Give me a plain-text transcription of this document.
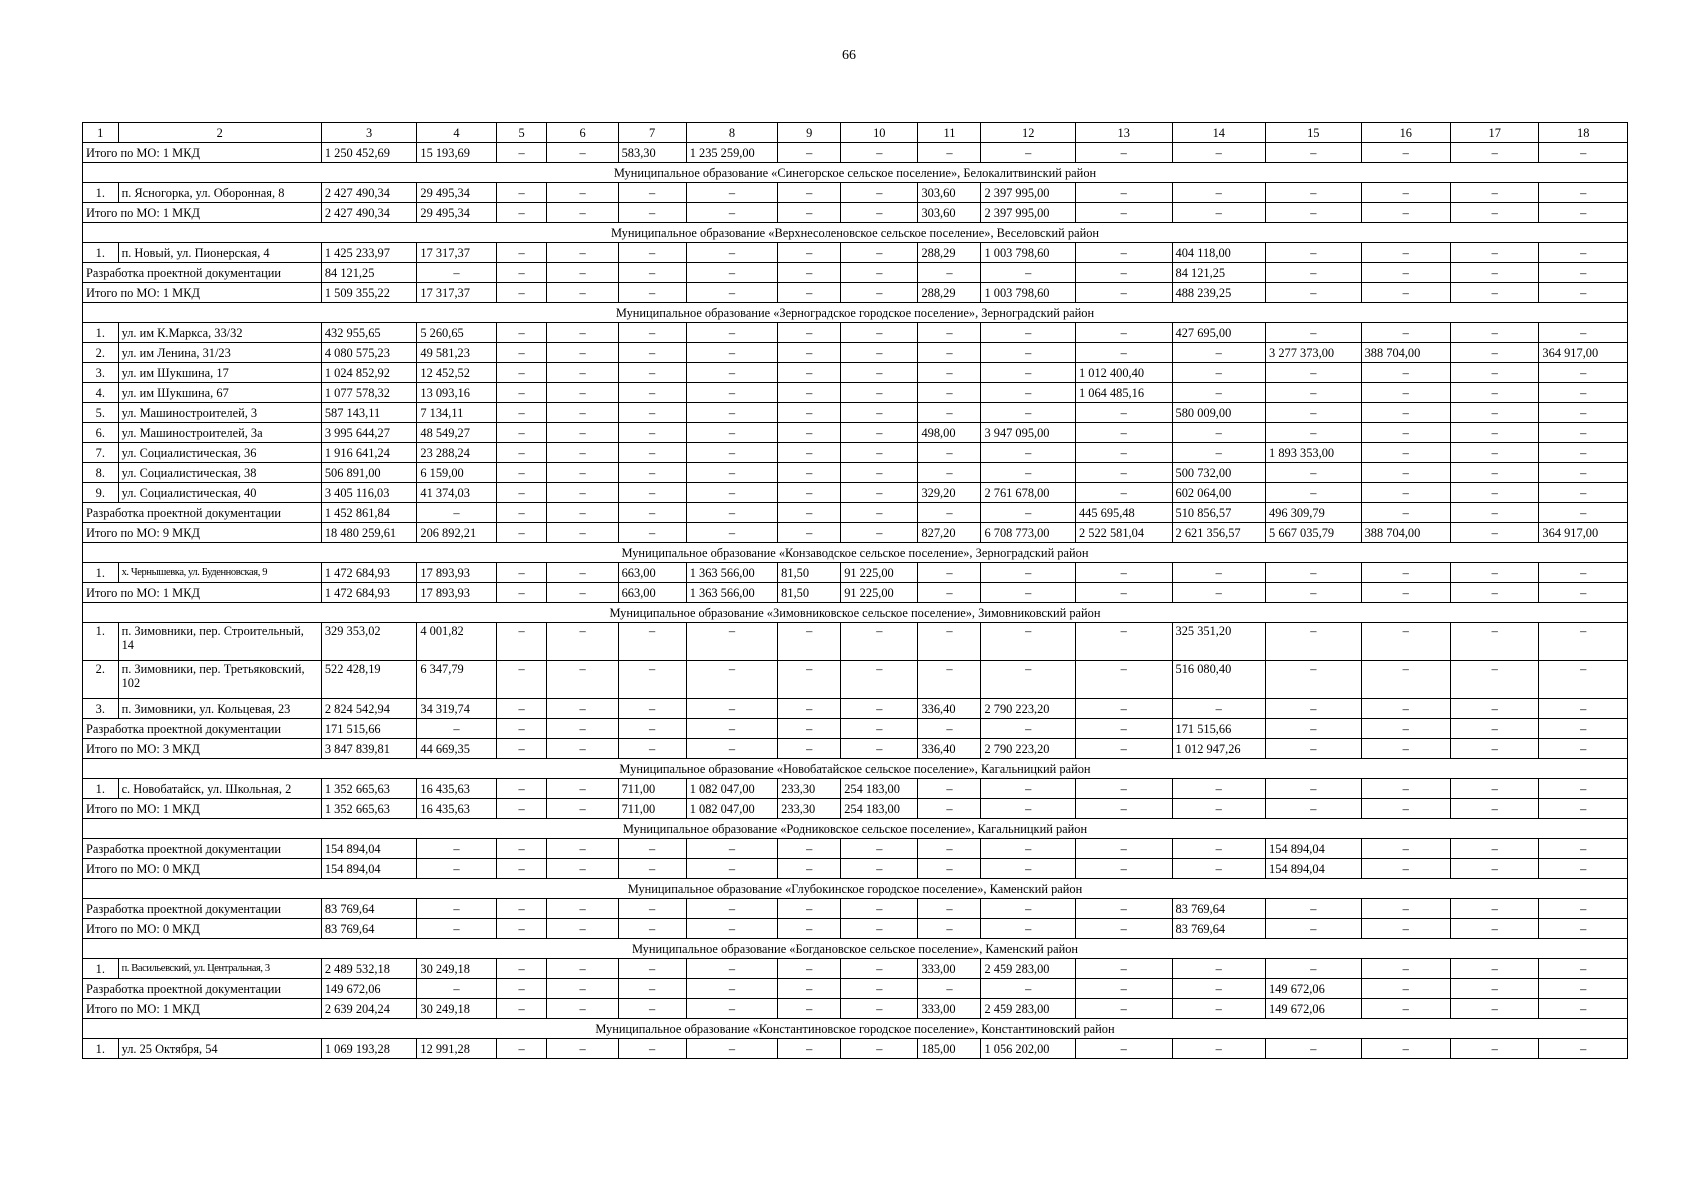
66
1	2	3	4	5	6	7	8	9	10	11	12	13	14	15	16	17	18
Итого по МО: 1 МКД		1 250 452,69	15 193,69	–	–	583,30	1 235 259,00	–	–	–	–	–	–	–	–	–	–
Муниципальное образование «Синегорское сельское поселение», Белокалитвинский район																	
1.	п. Ясногорка, ул. Оборонная, 8	2 427 490,34	29 495,34	–	–	–	–	–	–	303,60	2 397 995,00	–	–	–	–	–	–
Итого по МО: 1 МКД		2 427 490,34	29 495,34	–	–	–	–	–	–	303,60	2 397 995,00	–	–	–	–	–	–
Муниципальное образование «Верхнесоленовское сельское поселение», Веселовский район																	
1.	п. Новый, ул. Пионерская, 4	1 425 233,97	17 317,37	–	–	–	–	–	–	288,29	1 003 798,60	–	404 118,00	–	–	–	–
Разработка проектной документации		84 121,25	–	–	–	–	–	–	–	–	–	–	84 121,25	–	–	–	–
Итого по МО: 1 МКД		1 509 355,22	17 317,37	–	–	–	–	–	–	288,29	1 003 798,60	–	488 239,25	–	–	–	–
Муниципальное образование «Зерноградское городское поселение», Зерноградский район																	
1.	ул. им К.Маркса, 33/32	432 955,65	5 260,65	–	–	–	–	–	–	–	–	–	427 695,00	–	–	–	–
2.	ул. им Ленина, 31/23	4 080 575,23	49 581,23	–	–	–	–	–	–	–	–	–	–	3 277 373,00	388 704,00	–	364 917,00
3.	ул. им Шукшина, 17	1 024 852,92	12 452,52	–	–	–	–	–	–	–	–	1 012 400,40	–	–	–	–	–
4.	ул. им Шукшина, 67	1 077 578,32	13 093,16	–	–	–	–	–	–	–	–	1 064 485,16	–	–	–	–	–
5.	ул. Машиностроителей, 3	587 143,11	7 134,11	–	–	–	–	–	–	–	–	–	580 009,00	–	–	–	–
6.	ул. Машиностроителей, 3а	3 995 644,27	48 549,27	–	–	–	–	–	–	498,00	3 947 095,00	–	–	–	–	–	–
7.	ул. Социалистическая, 36	1 916 641,24	23 288,24	–	–	–	–	–	–	–	–	–	–	1 893 353,00	–	–	–
8.	ул. Социалистическая, 38	506 891,00	6 159,00	–	–	–	–	–	–	–	–	–	500 732,00	–	–	–	–
9.	ул. Социалистическая, 40	3 405 116,03	41 374,03	–	–	–	–	–	–	329,20	2 761 678,00	–	602 064,00	–	–	–	–
Разработка проектной документации		1 452 861,84	–	–	–	–	–	–	–	–	–	445 695,48	510 856,57	496 309,79	–	–	–
Итого по МО: 9 МКД		18 480 259,61	206 892,21	–	–	–	–	–	–	827,20	6 708 773,00	2 522 581,04	2 621 356,57	5 667 035,79	388 704,00	–	364 917,00
Муниципальное образование «Конзаводское сельское поселение», Зерноградский район																	
1.	х. Чернышевка, ул. Буденновская, 9	1 472 684,93	17 893,93	–	–	663,00	1 363 566,00	81,50	91 225,00	–	–	–	–	–	–	–	–
Итого по МО: 1 МКД		1 472 684,93	17 893,93	–	–	663,00	1 363 566,00	81,50	91 225,00	–	–	–	–	–	–	–	–
Муниципальное образование «Зимовниковское сельское поселение», Зимовниковский район																	
1.	п. Зимовники, пер. Строительный, 14	329 353,02	4 001,82	–	–	–	–	–	–	–	–	–	325 351,20	–	–	–	–
2.	п. Зимовники, пер. Третьяковский, 102	522 428,19	6 347,79	–	–	–	–	–	–	–	–	–	516 080,40	–	–	–	–
3.	п. Зимовники, ул. Кольцевая, 23	2 824 542,94	34 319,74	–	–	–	–	–	–	336,40	2 790 223,20	–	–	–	–	–	–
Разработка проектной документации		171 515,66	–	–	–	–	–	–	–	–	–	–	171 515,66	–	–	–	–
Итого по МО: 3 МКД		3 847 839,81	44 669,35	–	–	–	–	–	–	336,40	2 790 223,20	–	1 012 947,26	–	–	–	–
Муниципальное образование «Новобатайское сельское поселение», Кагальницкий район																	
1.	с. Новобатайск, ул. Школьная, 2	1 352 665,63	16 435,63	–	–	711,00	1 082 047,00	233,30	254 183,00	–	–	–	–	–	–	–	–
Итого по МО: 1 МКД		1 352 665,63	16 435,63	–	–	711,00	1 082 047,00	233,30	254 183,00	–	–	–	–	–	–	–	–
Муниципальное образование «Родниковское сельское поселение», Кагальницкий район																	
Разработка проектной документации		154 894,04	–	–	–	–	–	–	–	–	–	–	–	154 894,04	–	–	–
Итого по МО: 0 МКД		154 894,04	–	–	–	–	–	–	–	–	–	–	–	154 894,04	–	–	–
Муниципальное образование «Глубокинское городское поселение», Каменский район																	
Разработка проектной документации		83 769,64	–	–	–	–	–	–	–	–	–	–	83 769,64	–	–	–	–
Итого по МО: 0 МКД		83 769,64	–	–	–	–	–	–	–	–	–	–	83 769,64	–	–	–	–
Муниципальное образование «Богдановское сельское поселение», Каменский район																	
1.	п. Васильевский, ул. Центральная, 3	2 489 532,18	30 249,18	–	–	–	–	–	–	333,00	2 459 283,00	–	–	–	–	–	–
Разработка проектной документации		149 672,06	–	–	–	–	–	–	–	–	–	–	–	149 672,06	–	–	–
Итого по МО: 1 МКД		2 639 204,24	30 249,18	–	–	–	–	–	–	333,00	2 459 283,00	–	–	149 672,06	–	–	–
Муниципальное образование «Константиновское городское поселение», Константиновский район																	
1.	ул. 25 Октября, 54	1 069 193,28	12 991,28	–	–	–	–	–	–	185,00	1 056 202,00	–	–	–	–	–	–
